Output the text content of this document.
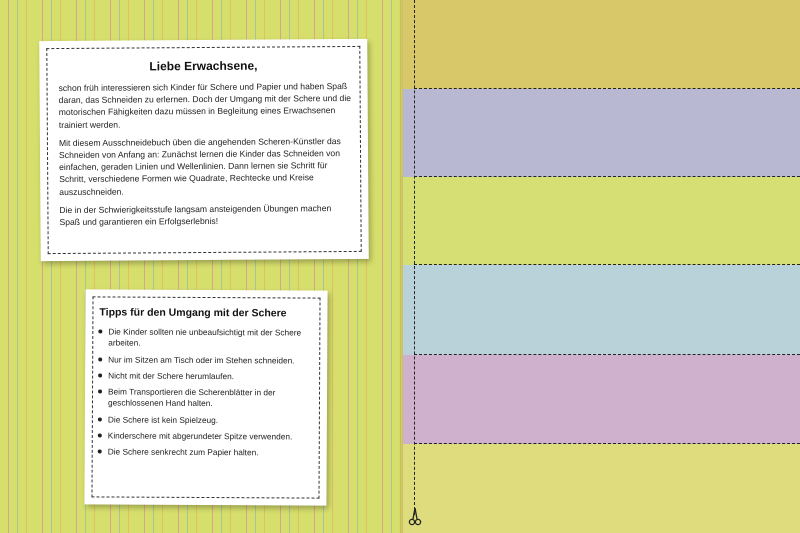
Liebe Erwachsene,

schon früh interessieren sich Kinder für Schere und Papier und haben Spaß daran, das Schneiden zu erlernen. Doch der Umgang mit der Schere und die motorischen Fähigkeiten dazu müssen in Begleitung eines Erwachsenen trainiert werden.

Mit diesem Ausschneidebuch üben die angehenden Scheren-Künstler das Schneiden von Anfang an: Zunächst lernen die Kinder das Schneiden von einfachen, geraden Linien und Wellenlinien. Dann lernen sie Schritt für Schritt, verschiedene Formen wie Quadrate, Rechtecke und Kreise auszuschneiden.

Die in der Schwierigkeitsstufe langsam ansteigenden Übungen machen Spaß und garantieren ein Erfolgserlebnis!

Tipps für den Umgang mit der Schere
Die Kinder sollten nie unbeaufsichtigt mit der Schere arbeiten.
Nur im Sitzen am Tisch oder im Stehen schneiden.
Nicht mit der Schere herumlaufen.
Beim Transportieren die Scherenblätter in der geschlossenen Hand halten.
Die Schere ist kein Spielzeug.
Kinderschere mit abgerundeter Spitze verwenden.
Die Schere senkrecht zum Papier halten.
